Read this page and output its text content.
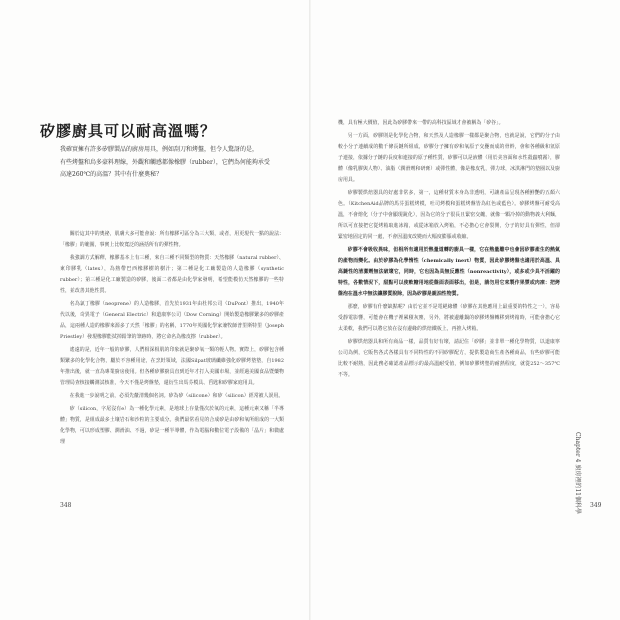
矽膠廚具可以耐高溫嗎？

我確實擁有許多矽膠製品的廚房用具，例如刮刀和烤盤，但令人驚訝的是，

有些烤盤和烏多豪料理線，外觀和觸感都像橡膠（rubber），它們為何能夠承受

高達260℃的高溫？其中有什麼奧秘？

關於這其中的奧祕，肌膚大多可能會說：所有橡膠可區分為三大類，或者，用更現代一點的說法：「橡膠」的範圍，事實上比較寬泛的涵括所有的彈性物。

我強調方式解釋，橡膠基本上有三種，來自三種不同類型的物質：天然橡膠（natural rubber）、東印膠乳（latex），為熱帶巴西橡膠樹的樹汁；第二種是化工廠製造的人造橡膠（synthetic rubber）；第三種是化工廠製造的矽膠，後面二者都是由化學家發明，希望能模仿天然橡膠的一些特性，並改善其他性質。

名為氯丁橡膠（neoprene）的人造橡膠，首先於1931年由杜邦公司（DuPont）推出，1940年代以後，奇異電子（General Electric）和道康寧公司（Dow Corning）開始製造橡膠繁多的矽膠產品，這兩種人造的橡膠來源多了天然「橡膠」的名稱，1770年英國化學家兼牧師普里斯特里（Joseph Priestley）發現橡膠能拭掉鉛筆的筆跡時，將它命名為橡皮擦（rubber）。

遙遠的是，近年一般的矽膠，人們相深相肌的印象就是聚矽氧一類的輕人物。實際上，矽膠包含種類繁多的化學化合物，屬於不容種用途，在烹飪領域，法國Silpat玻璃纖維強化矽膠烤墊墊，自1982年推出後，就一直為專業廚房使用。但各種矽膠廚具直到近年才打入美國市場，並經過美國食品暨藥物管理局查核接觸測試核准，今天不僅是烤盤墊，還衍生出馬芬模具、舀匙和矽膠家庭用具。

在我進一步說明之前，必須先釐清幾個名詞。矽為矽（silicone）和矽（silicon）經常被人誤用。

矽（silicon，字尾沒有e）為一種化學元素，是地球上存量僅次於氧的元素，這種元素又稱「半導體」物質，是組成最多土壤岩石和沙粒的主要成分。我們最常看見的合成矽是由矽和氧所組成的一大類化學物，可以形成塑膠、潤滑油、不過，矽是一種半導體，作為電腦和數位電子設備的「晶片」和微處理

348

機，具有極大價值，因此為矽膠帶來一帶的高科技區域才會被稱為「矽谷」。

另一方面，矽膠則是化學化合物，和天然及人造橡膠一樣都是聚合物，也就是說，它們的分子由較小分子連續成的數千條長鏈所組成，矽膠分子擁有矽和氧原子交疊而成的骨幹，會和各種級和氫原子連接，依據分子鏈的長度和連接的原子種性質，矽膠可以是液體（用於美容面和水性殺蟲噴霧），膠體（像乳膠與人物）、油脂（潤滑劑和研膏）或彈性體，像是橡皮乳，彈力球，冰淇淋門的墊圈以及廚房用具。

矽膠製烘焙器具的好處非常多，第一，這種材質本身為非透明，可讓產品呈現各種鮮艷的五顏六色。（KitchenAid品牌的馬芬蛋糕烤模，吐司烤模和蛋糕烤盤皆為紅色或藍色）。矽膠烤盤可耐受高溫，不會熔化（分子中會顯現銳化），因為它的分子很長且緊密交纏，就像一顆冷掉的動物義大利麵，所以可直接把它從烤箱取進冰箱，或從冰箱放入烤箱，不必擔心它會裂開，分子的好具有彈性，但卻緊密地固定的同一處，不會因溫度改變而大幅度膨脹或收縮。

矽膠不會吸收異味，但相所有適用於熱量道轉的廚具一樣，它在熱量離中也會因矽膠產生的熱氣的產物而變化。由於矽膠為化學惰性（chemically inert）物質，因此矽膠烤盤也適用於高溫、具高鏈性的清潔劑無法破壞它，同時，它也因為具無反應性（nonreactivity），或多或少具不活躍的特性，各數情況下，甜點可以使軟糖用地從盤面表面移出，但是，請勿用它來製作果漿或肉凍：把烤盤泡在溫水中無法讓膠質脫除，因為矽膠是親油性物質。

那麼，矽膠有什麼缺點呢？由於它並不是電絕緣體（矽膠在其他應用上最重要的特性之一），容易受靜電影響，可能會在機子裡累積灰塵，另外，將被邊離鍋的矽膠烤盤轉移到烤箱時，可能會擔心它太柔軟，我們可以將它放在沒有邊緣的烘焙鐵板上，再推入烤箱。

矽膠烘焙器具和所有商品一樣，品質有好有壞，請記住「矽膠」並非單一種化學物質，以道康寧公司為例，它販售各式各樣具有不同特性的不同矽膠配方，提供製造商生產各種商品，有些矽膠可能比較不耐熱，因此務必確認產品標示的最高溫耐受值，例如矽膠烤墊的耐熱程度，就從252～357℃不等。

Chapter 4 廚房裡的11個科學	349
